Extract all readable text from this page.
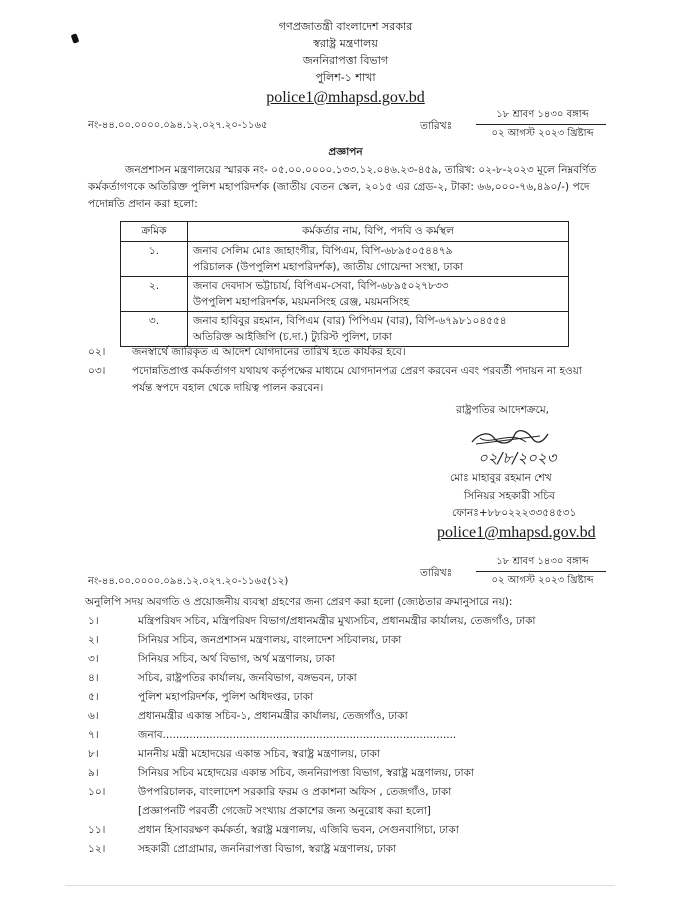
গণপ্রজাতন্ত্রী বাংলাদেশ সরকার
স্বরাষ্ট্র মন্ত্রণালয়
জননিরাপত্তা বিভাগ
পুলিশ-১ শাখা
police1@mhapsd.gov.bd
নং-৪৪.০০.০০০০.০৯৪.১২.০২৭.২০-১১৬৫	তারিখঃ
১৮ শ্রাবণ ১৪৩০ বঙ্গাব্দ
০২ আগস্ট ২০২৩ খ্রিষ্টাব্দ
প্রজ্ঞাপন
জনপ্রশাসন মন্ত্রণালয়ের স্মারক নং- ০৫.০০.০০০০.১৩৩.১২.০৪৬.২৩-৪৫৯, তারিখ: ০২-৮-২০২৩ মূলে নিম্নবর্ণিত
কর্মকর্তাগণকে অতিরিক্ত পুলিশ মহাপরিদর্শক (জাতীয় বেতন স্কেল, ২০১৫ এর গ্রেড-২, টাকা: ৬৬,০০০-৭৬,৪৯০/-) পদে
পদোন্নতি প্রদান করা হলো:
ক্রমিক	কর্মকর্তার নাম, বিপি, পদবি ও কর্মস্থল
১.	জনাব সেলিম মোঃ জাহাংগীর, বিপিএম, বিপি-৬৮৯৫০৫৪৪৭৯
পরিচালক (উপপুলিশ মহাপরিদর্শক), জাতীয় গোয়েন্দা সংস্থা, ঢাকা

২.	জনাব দেবদাস ভট্টাচার্য, বিপিএম-সেবা, বিপি-৬৮৯৫০২৭৮৩৩
উপপুলিশ মহাপরিদর্শক, ময়মনসিংহ রেঞ্জ, ময়মনসিংহ

৩.	জনাব হাবিবুর রহমান, বিপিএম (বার) পিপিএম (বার), বিপি-৬৭৯৮১০৪৫৫৪
অতিরিক্ত আইজিপি (চ.দা.) ট্যুরিস্ট পুলিশ, ঢাকা
০২।	জনস্বার্থে জারিকৃত এ আদেশ যোগদানের তারিখ হতে কার্যকর হবে।
০৩।	পদোন্নতিপ্রাপ্ত কর্মকর্তাগণ যথাযথ কর্তৃপক্ষের মাধ্যমে যোগদানপত্র প্রেরণ করবেন এবং পরবর্তী পদায়ন না হওয়া
পর্যন্ত স্বপদে বহাল থেকে দায়িত্ব পালন করবেন।
রাষ্ট্রপতির আদেশক্রমে,
০২/৮/২০২৩
মোঃ মাহাবুর রহমান শেখ
সিনিয়র সহকারী সচিব
ফোনঃ+৮৮০২২২৩৩৫৪৫৩১
police1@mhapsd.gov.bd
নং-৪৪.০০.০০০০.০৯৪.১২.০২৭.২০-১১৬৫(১২)
তারিখঃ
১৮ শ্রাবণ ১৪৩০ বঙ্গাব্দ
০২ আগস্ট ২০২৩ খ্রিষ্টাব্দ
অনুলিপি সদয় অবগতি ও প্রয়োজনীয় ব্যবস্থা গ্রহণের জন্য প্রেরণ করা হলো (জ্যেষ্ঠতার ক্রমানুসারে নয়):
১।	মন্ত্রিপরিষদ সচিব, মন্ত্রিপরিষদ বিভাগ/প্রধানমন্ত্রীর মুখ্যসচিব, প্রধানমন্ত্রীর কার্যালয়, তেজগাঁও, ঢাকা
২।	সিনিয়র সচিব, জনপ্রশাসন মন্ত্রণালয়, বাংলাদেশ সচিবালয়, ঢাকা
৩।	সিনিয়র সচিব, অর্থ বিভাগ, অর্থ মন্ত্রণালয়, ঢাকা
৪।	সচিব, রাষ্ট্রপতির কার্যালয়, জনবিভাগ, বঙ্গভবন, ঢাকা
৫।	পুলিশ মহাপরিদর্শক, পুলিশ অধিদপ্তর, ঢাকা
৬।	প্রধানমন্ত্রীর একান্ত সচিব-১, প্রধানমন্ত্রীর কার্যালয়, তেজগাঁও, ঢাকা
৭।	জনাব........................................................................................
৮।	মাননীয় মন্ত্রী মহোদয়ের একান্ত সচিব, স্বরাষ্ট্র মন্ত্রণালয়, ঢাকা
৯।	সিনিয়র সচিব মহোদয়ের একান্ত সচিব, জননিরাপত্তা বিভাগ, স্বরাষ্ট্র মন্ত্রণালয়, ঢাকা
১০।	উপপরিচালক, বাংলাদেশ সরকারি ফরম ও প্রকাশনা অফিস , তেজগাঁও, ঢাকা
[প্রজ্ঞাপনটি পরবর্তী গেজেট সংখ্যায় প্রকাশের জন্য অনুরোধ করা হলো]
১১।	প্রধান হিসাবরক্ষণ কর্মকর্তা, স্বরাষ্ট্র মন্ত্রণালয়, এজিবি ভবন, সেগুনবাগিচা, ঢাকা
১২।	সহকারী প্রোগ্রামার, জননিরাপত্তা বিভাগ, স্বরাষ্ট্র মন্ত্রণালয়, ঢাকা
